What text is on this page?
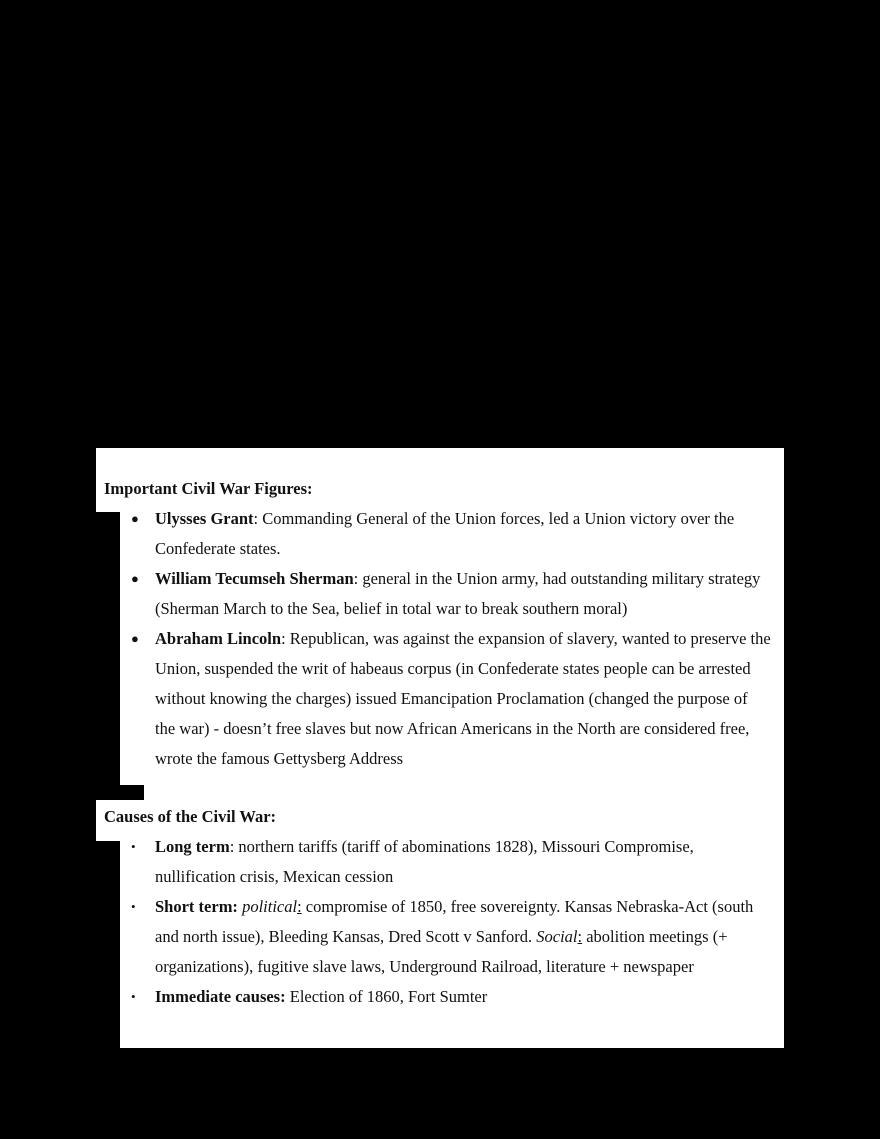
Important Civil War Figures:
● Ulysses Grant: Commanding General of the Union forces, led a Union victory over the Confederate states.
● William Tecumseh Sherman: general in the Union army, had outstanding military strategy (Sherman March to the Sea, belief in total war to break southern moral)
● Abraham Lincoln: Republican, was against the expansion of slavery, wanted to preserve the Union, suspended the writ of habeaus corpus (in Confederate states people can be arrested without knowing the charges) issued Emancipation Proclamation (changed the purpose of the war) - doesn’t free slaves but now African Americans in the North are considered free, wrote the famous Gettysberg Address
Causes of the Civil War:
• Long term: northern tariffs (tariff of abominations 1828), Missouri Compromise, nullification crisis, Mexican cession
• Short term: political: compromise of 1850, free sovereignty. Kansas Nebraska-Act (south and north issue), Bleeding Kansas, Dred Scott v Sanford. Social: abolition meetings (+ organizations), fugitive slave laws, Underground Railroad, literature + newspaper
• Immediate causes: Election of 1860, Fort Sumter
